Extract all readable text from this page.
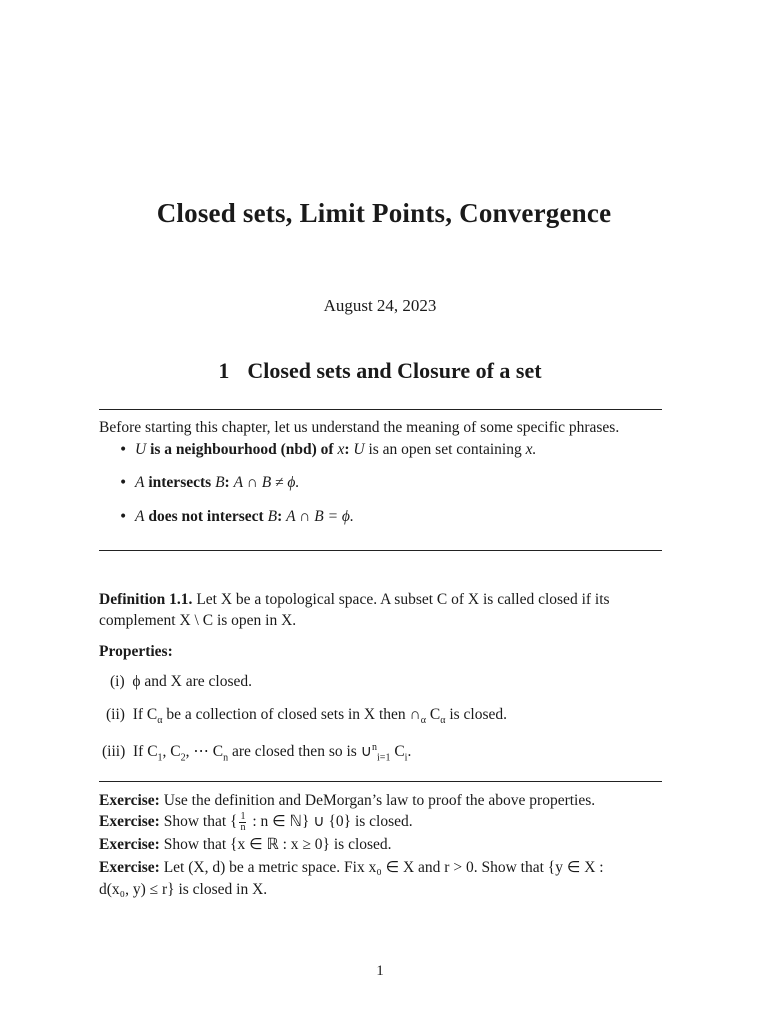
Closed sets, Limit Points, Convergence
August 24, 2023
1 Closed sets and Closure of a set
Before starting this chapter, let us understand the meaning of some specific phrases.
• U is a neighbourhood (nbd) of x: U is an open set containing x.
• A intersects B: A ∩ B ≠ ϕ.
• A does not intersect B: A ∩ B = ϕ.
Definition 1.1. Let X be a topological space. A subset C of X is called closed if its
complement X \ C is open in X.
Properties:
(i) ϕ and X are closed.
(ii) If $C_\alpha$ be a collection of closed sets in X then $\cap_\alpha$ $C_\alpha$ is closed.
(iii) If $C_1$, $C_2$, ⋯ $C_n$ are closed then so is ∪$^n_{i=1}$ $C_i$.
Exercise: Use the definition and DeMorgan’s law to proof the above properties.
Exercise: Show that { $\frac{1}{n}$ : n ∈ ℕ} ∪ {0} is closed.
Exercise: Show that {x ∈ ℝ : x ≥ 0} is closed.
Exercise: Let (X, d) be a metric space. Fix x₀ ∈ X and r > 0. Show that {y ∈ X :
d(x₀, y) ≤ r} is closed in X.
1
